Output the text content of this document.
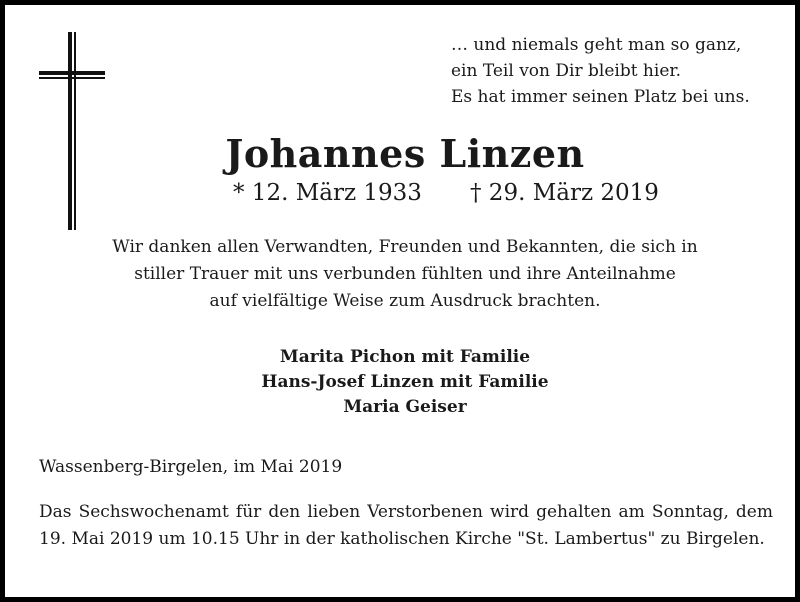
… und niemals geht man so ganz,
ein Teil von Dir bleibt hier.
Es hat immer seinen Platz bei uns.
Johannes Linzen
* 12. März 1933 † 29. März 2019
Wir danken allen Verwandten, Freunden und Bekannten, die sich in
stiller Trauer mit uns verbunden fühlten und ihre Anteilnahme
auf vielfältige Weise zum Ausdruck brachten.
Marita Pichon mit Familie
Hans-Josef Linzen mit Familie
Maria Geiser
Wassenberg-Birgelen, im Mai 2019
Das Sechswochenamt für den lieben Verstorbenen wird gehalten am Sonntag, dem 19. Mai 2019 um 10.15 Uhr in der katholischen Kirche "St. Lambertus" zu Birgelen.
